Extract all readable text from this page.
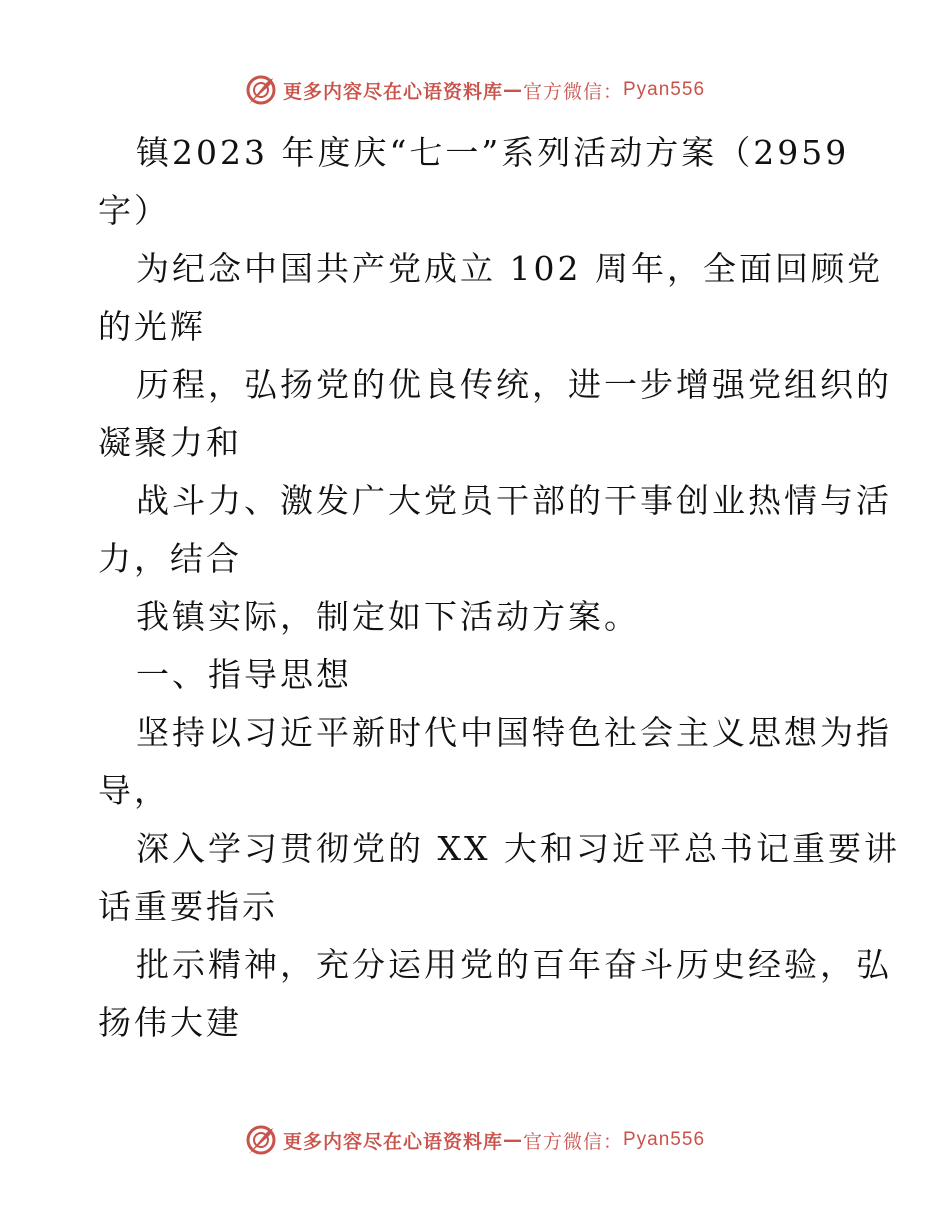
更多内容尽在心语资料库 — 官方微信： Pyan556
镇2023 年度庆“七一”系列活动方案（2959
字）
为纪念中国共产党成立 102 周年，全面回顾党
的光辉
历程，弘扬党的优良传统，进一步增强党组织的
凝聚力和
战斗力、激发广大党员干部的干事创业热情与活
力，结合
我镇实际，制定如下活动方案。
一、指导思想
坚持以习近平新时代中国特色社会主义思想为指
导，
深入学习贯彻党的 XX 大和习近平总书记重要讲
话重要指示
批示精神，充分运用党的百年奋斗历史经验，弘
扬伟大建
更多内容尽在心语资料库 — 官方微信： Pyan556
